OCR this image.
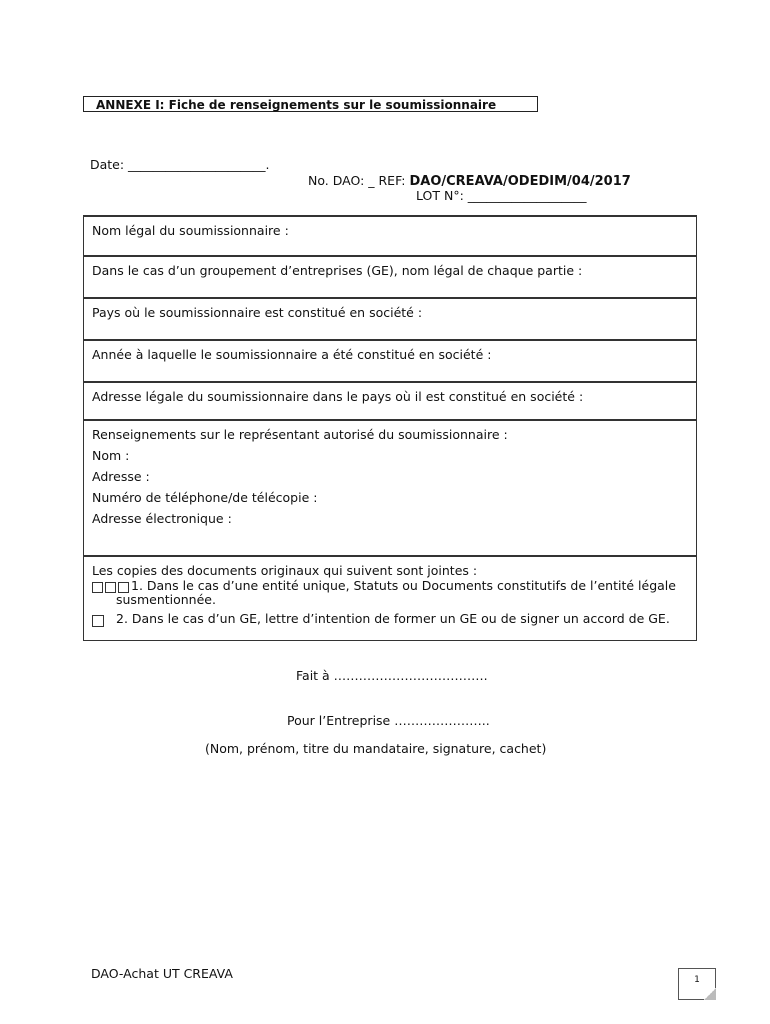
ANNEXE I: Fiche de renseignements sur le soumissionnaire
Date: ______________________.
No. DAO: _ REF: DAO/CREAVA/ODEDIM/04/2017
LOT N°: ___________________
Nom légal du soumissionnaire :
Dans le cas d’un groupement d’entreprises (GE), nom légal de chaque partie :
Pays où le soumissionnaire est constitué en société :
Année à laquelle le soumissionnaire a été constitué en société :
Adresse légale du soumissionnaire dans le pays où il est constitué en société :

Renseignements sur le représentant autorisé du soumissionnaire :
Nom :
Adresse :
Numéro de téléphone/de télécopie :
Adresse électronique :

Les copies des documents originaux qui suivent sont jointes :
1. Dans le cas d’une entité unique, Statuts ou Documents constitutifs de l’entité légale
susmentionnée.
2. Dans le cas d’un GE, lettre d’intention de former un GE ou de signer un accord de GE.
Fait à ……………………………….
Pour l’Entreprise …………………..
(Nom, prénom, titre du mandataire, signature, cachet)
DAO-Achat UT CREAVA	1
